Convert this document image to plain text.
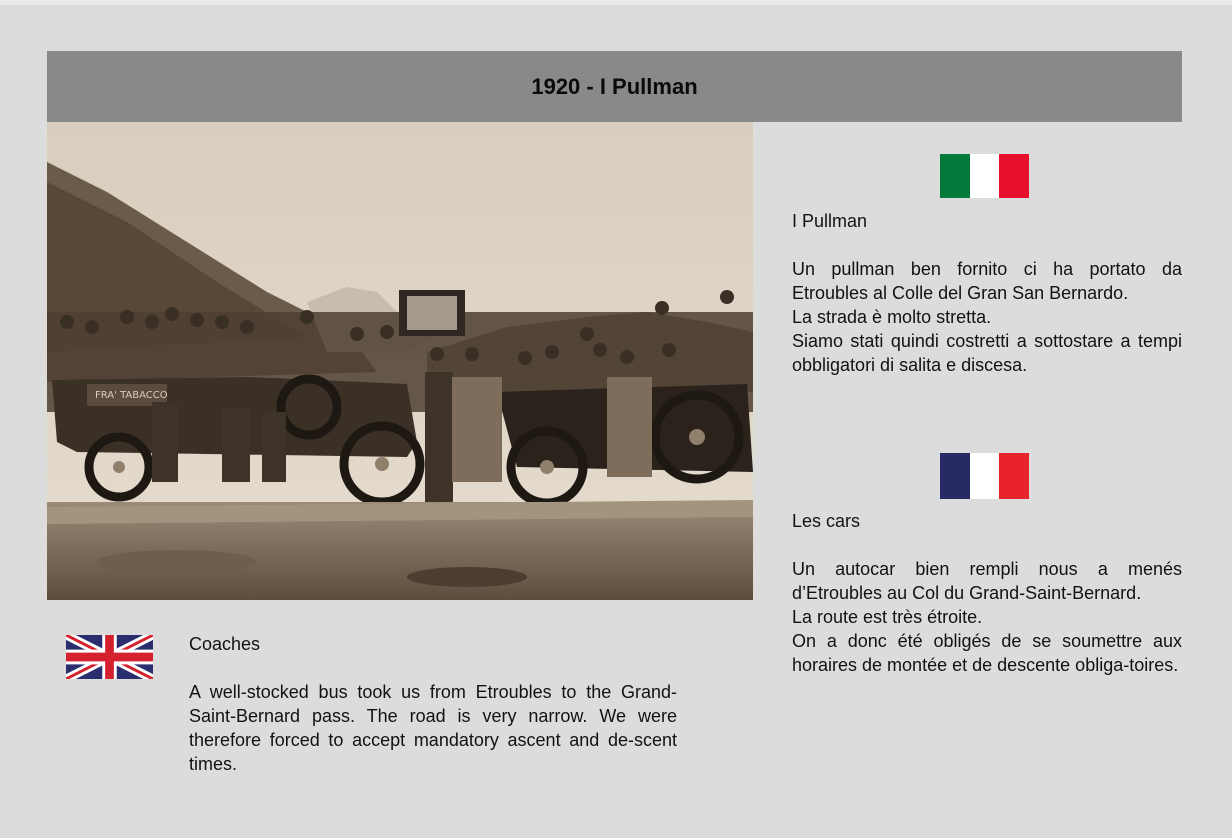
1920 - I Pullman
FRA' TABACCO
I Pullman

Un pullman ben fornito ci ha portato da Etroubles al Colle del Gran San Bernardo.

La strada è molto stretta.

Siamo stati quindi costretti a sottostare a tempi obbligatori di salita e discesa.

Les cars

Un autocar bien rempli nous a menés d’Etroubles au Col du Grand-Saint-Bernard.

La route est très étroite.

On a donc été obligés de se soumettre aux horaires de montée et de descente obliga-toires.

Coaches

A well-stocked bus took us from Etroubles to the Grand-Saint-Bernard pass. The road is very narrow. We were therefore forced to accept mandatory ascent and de-scent times.
